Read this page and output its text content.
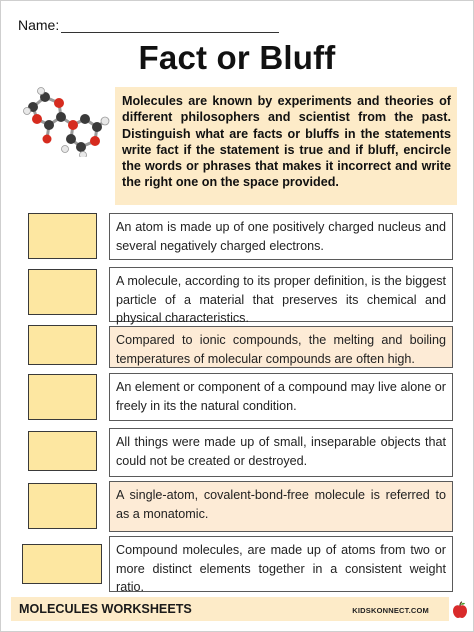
Name:
Fact or Bluff
Molecules are known by experiments and theories of different philosophers and scientist from the past. Distinguish what are facts or bluffs in the statements write fact if the statement is true and if bluff, encircle the words or phrases that makes it incorrect and write the right one on the space provided.
An atom is made up of one positively charged nucleus and several negatively charged electrons.
A molecule, according to its proper definition, is the biggest particle of a material that preserves its chemical and physical characteristics.
Compared to ionic compounds, the melting and boiling temperatures of molecular compounds are often high.
An element or component of a compound may live alone or freely in its the natural condition.
All things were made up of small, inseparable objects that could not be created or destroyed.
A single-atom, covalent-bond-free molecule is referred to as a monatomic.
Compound molecules, are made up of atoms from two or more distinct elements together in a consistent weight ratio.
MOLECULES WORKSHEETS	KIDSKONNECT.COM
